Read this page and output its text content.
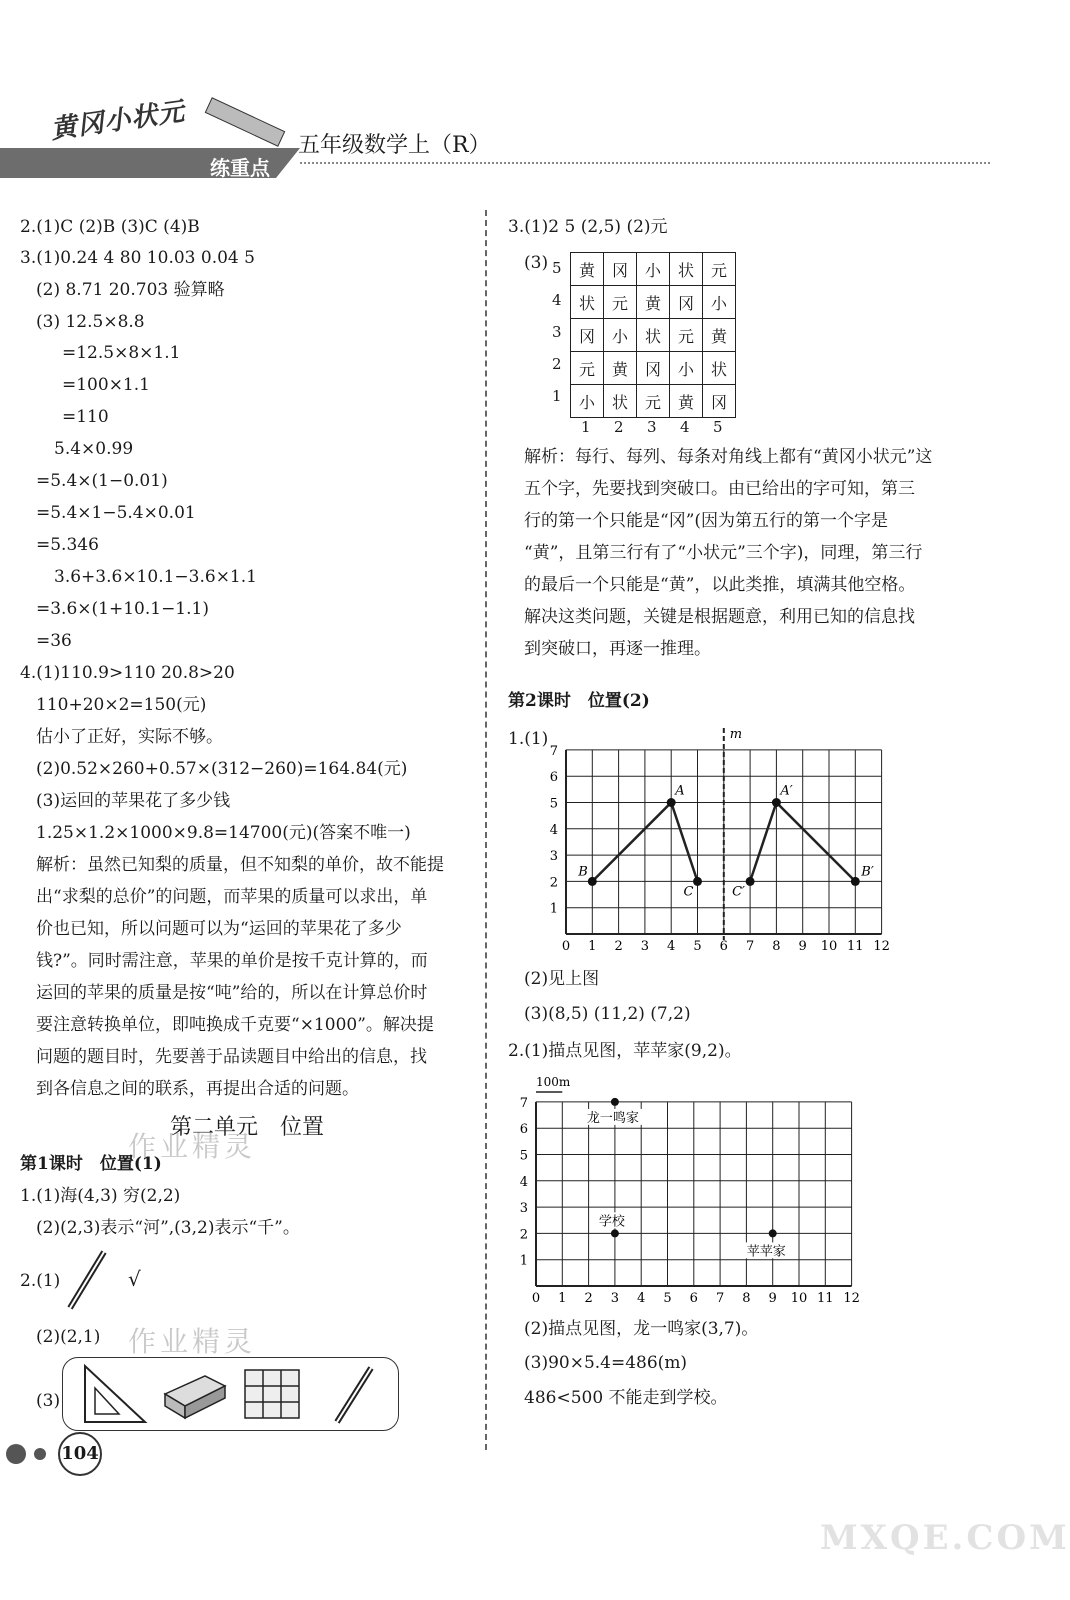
黄冈小状元
练重点
五年级数学上（R）
2.(1)C (2)B (3)C (4)B
3.(1)0.24 4 80 10.03 0.04 5
(2) 8.71 20.703 验算略
(3) 12.5×8.8
=12.5×8×1.1
=100×1.1
=110
5.4×0.99
=5.4×(1−0.01)
=5.4×1−5.4×0.01
=5.346
3.6+3.6×10.1−3.6×1.1
=3.6×(1+10.1−1.1)
=36
4.(1)110.9>110 20.8>20
110+20×2=150(元)
估小了正好，实际不够。
(2)0.52×260+0.57×(312−260)=164.84(元)
(3)运回的苹果花了多少钱
1.25×1.2×1000×9.8=14700(元)(答案不唯一)
解析：虽然已知梨的质量，但不知梨的单价，故不能提
出“求梨的总价”的问题，而苹果的质量可以求出，单
价也已知，所以问题可以为“运回的苹果花了多少
钱?”。同时需注意，苹果的单价是按千克计算的，而
运回的苹果的质量是按“吨”给的，所以在计算总价时
要注意转换单位，即吨换成千克要“×1000”。解决提
问题的题目时，先要善于品读题目中给出的信息，找
到各信息之间的联系，再提出合适的问题。
第二单元　位置
作业精灵
第1课时　位置(1)
1.(1)海(4,3) 穷(2,2)
(2)(2,3)表示“河”,(3,2)表示“千”。
2.(1)	√
(2)(2,1) 作业精灵
(3)
104
3.(1)2 5 (2,5) (2)元
(3) 5
4
3
2
1
黄	冈	小	状	元
状	元	黄	冈	小
冈	小	状	元	黄
元	黄	冈	小	状
小	状	元	黄	冈
1 2 3 4 5
解析：每行、每列、每条对角线上都有“黄冈小状元”这
五个字，先要找到突破口。由已给出的字可知，第三
行的第一个只能是“冈”(因为第五行的第一个字是
“黄”，且第三行有了“小状元”三个字)，同理，第三行
的最后一个只能是“黄”，以此类推，填满其他空格。
解决这类问题，关键是根据题意，利用已知的信息找
到突破口，再逐一推理。
第2课时　位置(2)
1.(1)
0 1 2 3 4 5 6 7 8 9 10 11 12
1
2
3
4
5
6
7
m
A
B
C
A′
B′
C′
(2)见上图
(3)(8,5) (11,2) (7,2)
2.(1)描点见图，苹苹家(9,2)。
0 1 2 3 4 5 6 7 8 9 10 11 12
1
2
3
4
5
6
7
100m
龙一鸣家
学校
苹苹家
(2)描点见图，龙一鸣家(3,7)。
(3)90×5.4=486(m)
486<500 不能走到学校。
MXQE.COM
